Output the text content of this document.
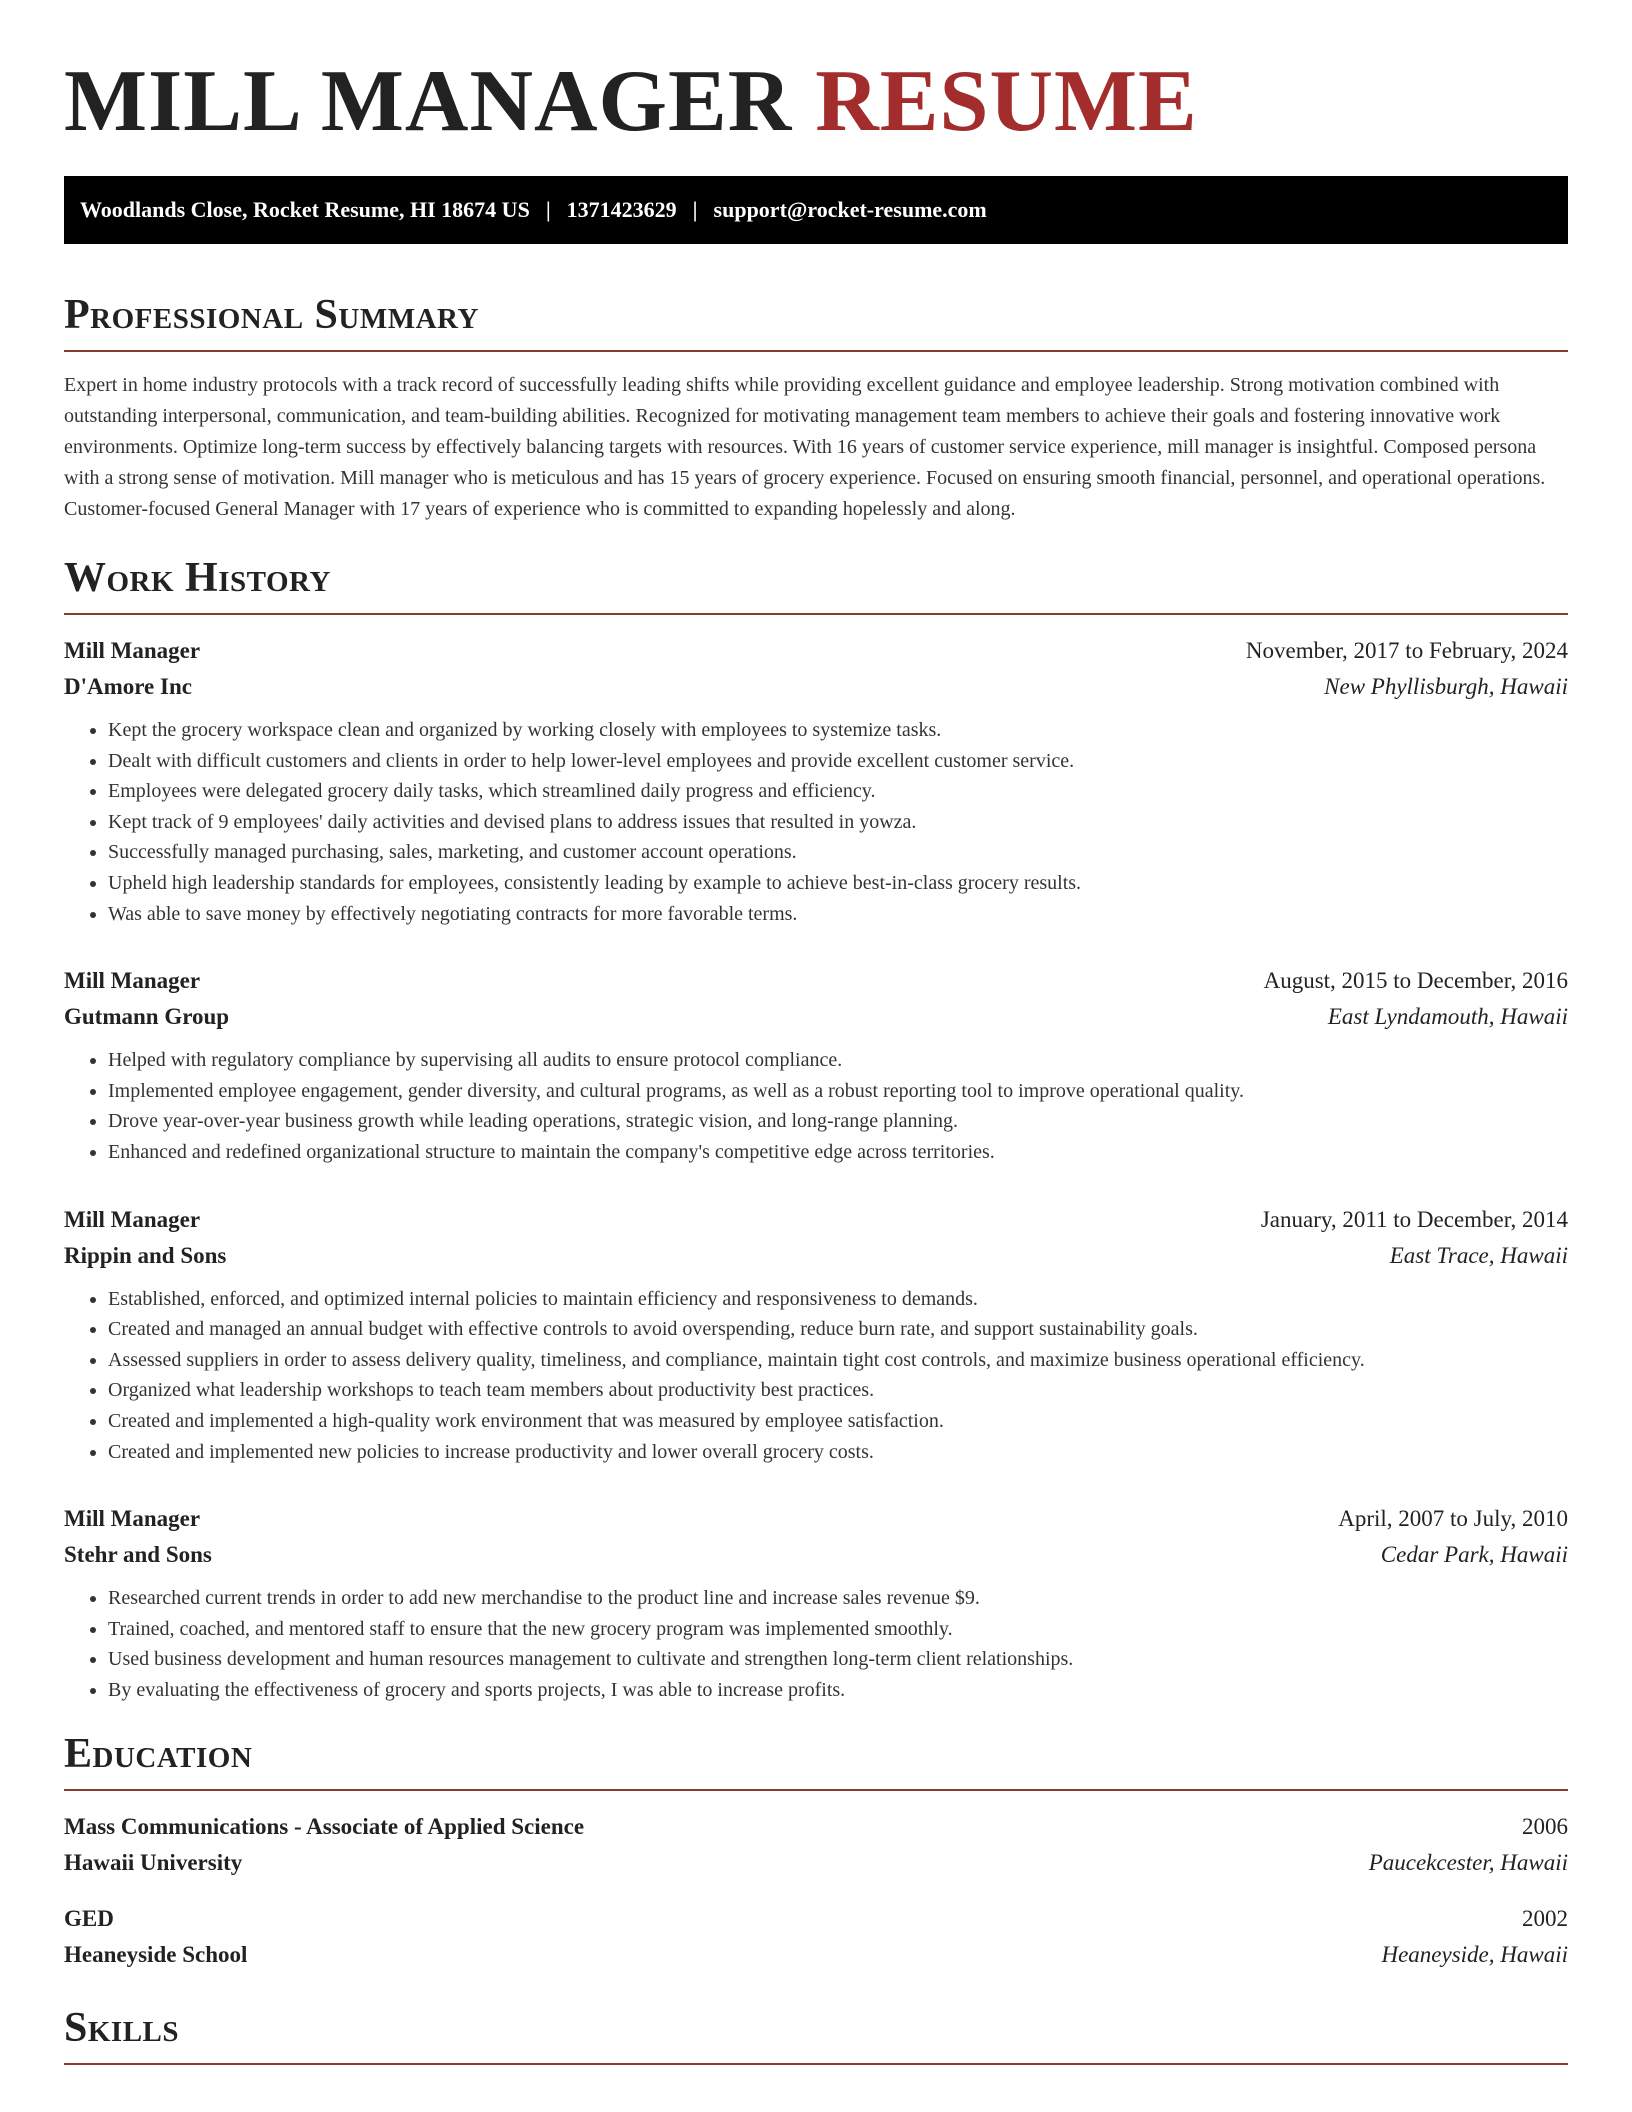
MILL MANAGER RESUME
Woodlands Close, Rocket Resume, HI 18674 US | 1371423629 | support@rocket-resume.com
Professional Summary

Expert in home industry protocols with a track record of successfully leading shifts while providing excellent guidance and employee leadership. Strong motivation combined with outstanding interpersonal, communication, and team-building abilities. Recognized for motivating management team members to achieve their goals and fostering innovative work environments. Optimize long-term success by effectively balancing targets with resources. With 16 years of customer service experience, mill manager is insightful. Composed persona with a strong sense of motivation. Mill manager who is meticulous and has 15 years of grocery experience. Focused on ensuring smooth financial, personnel, and operational operations. Customer-focused General Manager with 17 years of experience who is committed to expanding hopelessly and along.

Work History
Mill Manager	November, 2017 to February, 2024
D'Amore Inc	New Phyllisburgh, Hawaii
• Kept the grocery workspace clean and organized by working closely with employees to systemize tasks.
• Dealt with difficult customers and clients in order to help lower-level employees and provide excellent customer service.
• Employees were delegated grocery daily tasks, which streamlined daily progress and efficiency.
• Kept track of 9 employees' daily activities and devised plans to address issues that resulted in yowza.
• Successfully managed purchasing, sales, marketing, and customer account operations.
• Upheld high leadership standards for employees, consistently leading by example to achieve best-in-class grocery results.
• Was able to save money by effectively negotiating contracts for more favorable terms.
Mill Manager	August, 2015 to December, 2016
Gutmann Group	East Lyndamouth, Hawaii
• Helped with regulatory compliance by supervising all audits to ensure protocol compliance.
• Implemented employee engagement, gender diversity, and cultural programs, as well as a robust reporting tool to improve operational quality.
• Drove year-over-year business growth while leading operations, strategic vision, and long-range planning.
• Enhanced and redefined organizational structure to maintain the company's competitive edge across territories.
Mill Manager	January, 2011 to December, 2014
Rippin and Sons	East Trace, Hawaii
• Established, enforced, and optimized internal policies to maintain efficiency and responsiveness to demands.
• Created and managed an annual budget with effective controls to avoid overspending, reduce burn rate, and support sustainability goals.
• Assessed suppliers in order to assess delivery quality, timeliness, and compliance, maintain tight cost controls, and maximize business operational efficiency.
• Organized what leadership workshops to teach team members about productivity best practices.
• Created and implemented a high-quality work environment that was measured by employee satisfaction.
• Created and implemented new policies to increase productivity and lower overall grocery costs.
Mill Manager	April, 2007 to July, 2010
Stehr and Sons	Cedar Park, Hawaii
• Researched current trends in order to add new merchandise to the product line and increase sales revenue $9.
• Trained, coached, and mentored staff to ensure that the new grocery program was implemented smoothly.
• Used business development and human resources management to cultivate and strengthen long-term client relationships.
• By evaluating the effectiveness of grocery and sports projects, I was able to increase profits.
Education
Mass Communications - Associate of Applied Science	2006
Hawaii University	Paucekcester, Hawaii
GED	2002
Heaneyside School	Heaneyside, Hawaii
Skills
